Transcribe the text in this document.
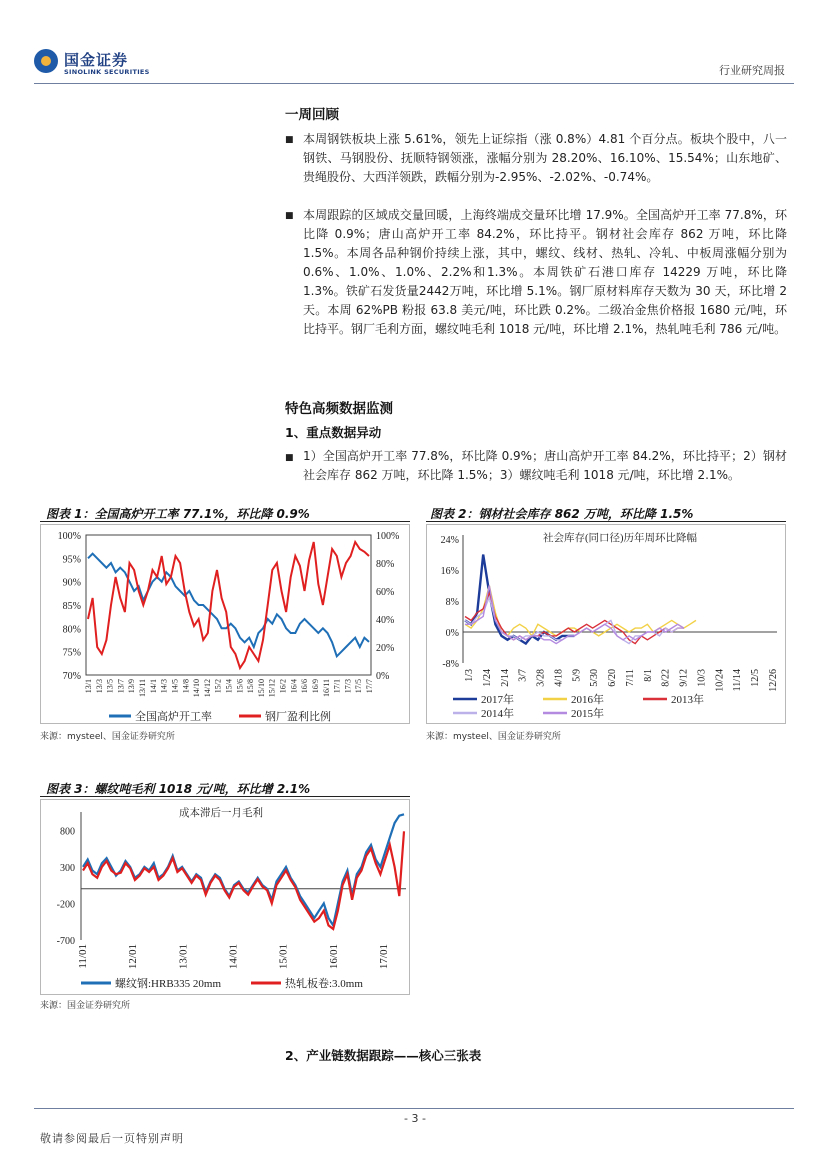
国金证券
SINOLINK SECURITIES	行业研究周报
一周回顾
■ 本周钢铁板块上涨 5.61%，领先上证综指（涨 0.8%）4.81 个百分点。板块个股中，八一钢铁、马钢股份、抚顺特钢领涨，涨幅分别为 28.20%、16.10%、15.54%；山东地矿、贵绳股份、大西洋领跌，跌幅分别为-2.95%、-2.02%、-0.74%。
■ 本周跟踪的区域成交量回暖，上海终端成交量环比增 17.9%。全国高炉开工率 77.8%，环比降 0.9%；唐山高炉开工率 84.2%，环比持平。钢材社会库存 862 万吨，环比降 1.5%。本周各品种钢价持续上涨，其中，螺纹、线材、热轧、冷轧、中板周涨幅分别为 0.6%、1.0%、1.0%、2.2%和1.3%。本周铁矿石港口库存 14229 万吨，环比降 1.3%。铁矿石发货量2442万吨，环比增 5.1%。钢厂原材料库存天数为 30 天，环比增 2 天。本周 62%PB 粉报 63.8 美元/吨，环比跌 0.2%。二级冶金焦价格报 1680 元/吨，环比持平。钢厂毛利方面，螺纹吨毛利 1018 元/吨，环比增 2.1%，热轧吨毛利 786 元/吨。
特色高频数据监测
1、重点数据异动
■ 1）全国高炉开工率 77.8%，环比降 0.9%；唐山高炉开工率 84.2%，环比持平；2）钢材社会库存 862 万吨，环比降 1.5%；3）螺纹吨毛利 1018 元/吨，环比增 2.1%。
图表 1：全国高炉开工率 77.1%，环比降 0.9%
70%
75%
80%
85%
90%
95%
100%
0%
20%
40%
60%
80%
100%
13/1 13/3 13/5 13/7 13/9 13/11 14/1 14/3 14/5 14/8 14/10 14/12 15/2 15/4 15/6 15/8 15/10 15/12 16/2 16/4 16/6 16/9 16/11 17/1 17/3 17/5 17/7
全国高炉开工率	钢厂盈利比例
来源：mysteel、国金证券研究所
图表 2：钢材社会库存 862 万吨，环比降 1.5%
社会库存(同口径)历年周环比降幅
-8%
0%
8%
16%
24%
1/3 1/24 2/14 3/7 3/28 4/18 5/9 5/30 6/20 7/11 8/1 8/22 9/12 10/3 10/24 11/14 12/5 12/26
2017年	2016年	2013年
2014年	2015年
来源：mysteel、国金证券研究所
图表 3：螺纹吨毛利 1018 元/吨，环比增 2.1%
成本滞后一月毛利
-700
-200
300
800
11/01	12/01	13/01	14/01	15/01	16/01	17/01
螺纹钢:HRB335 20mm	热轧板卷:3.0mm
来源：国金证券研究所
2、产业链数据跟踪——核心三张表
- 3 -
敬请参阅最后一页特别声明
